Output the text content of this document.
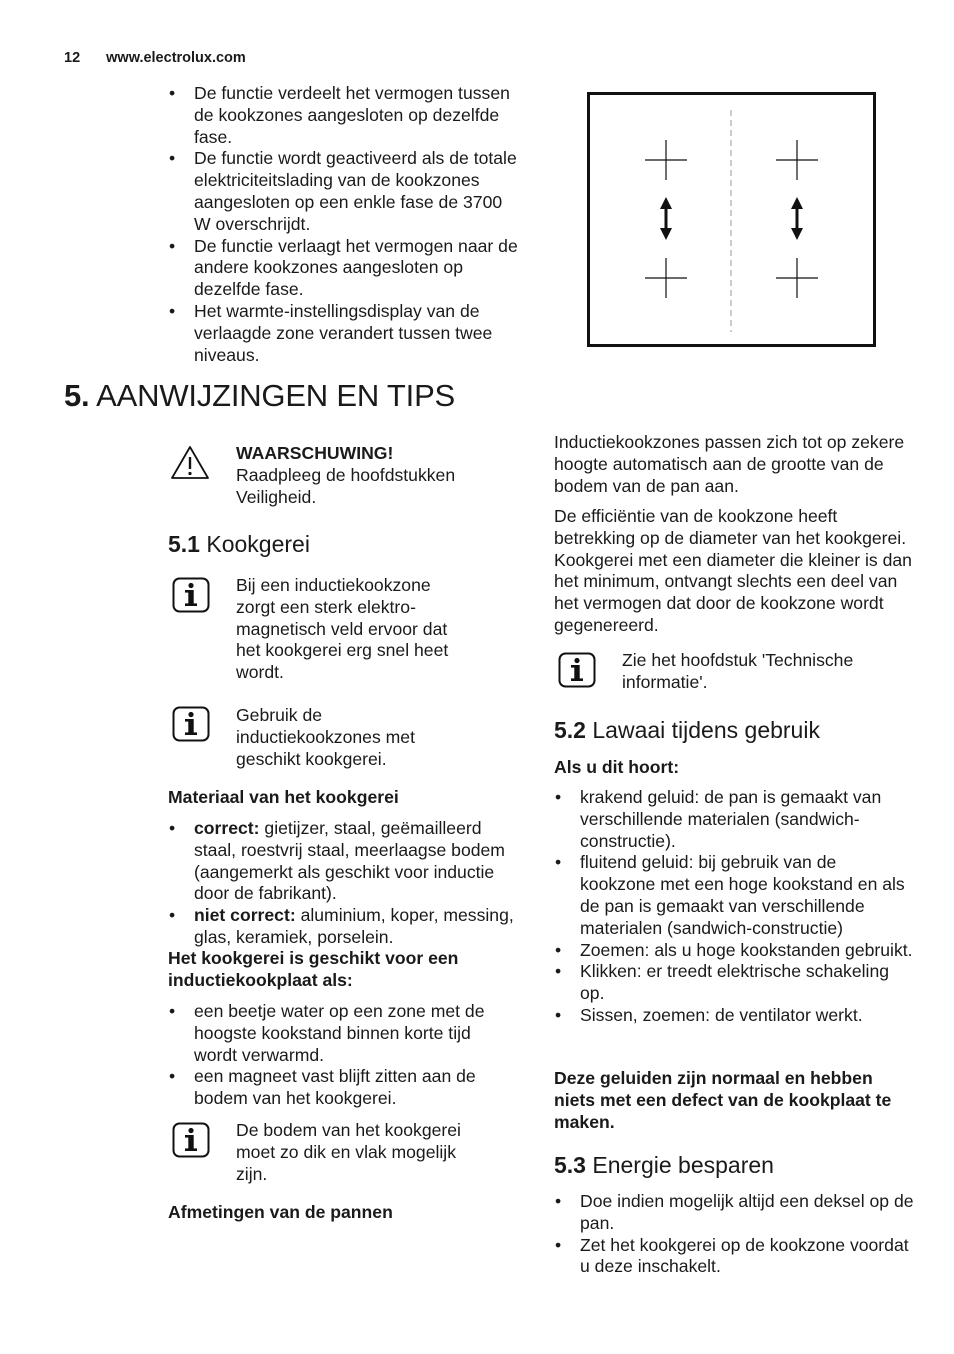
12 www.electrolux.com
• De functie verdeelt het vermogen tussen de kookzones aangesloten op dezelfde fase.
• De functie wordt geactiveerd als de totale elektriciteitslading van de kookzones aangesloten op een enkle fase de 3700 W overschrijdt.
• De functie verlaagt het vermogen naar de andere kookzones aangesloten op dezelfde fase.
• Het warmte-instellingsdisplay van de verlaagde zone verandert tussen twee niveaus.
5. AANWIJZINGEN EN TIPS
WAARSCHUWING!
Raadpleeg de hoofdstukken Veiligheid.
5.1 Kookgerei
Bij een inductiekookzone zorgt een sterk elektro-magnetisch veld ervoor dat het kookgerei erg snel heet wordt.
Gebruik de inductiekookzones met geschikt kookgerei.
Materiaal van het kookgerei
• correct: gietijzer, staal, geëmailleerd staal, roestvrij staal, meerlaagse bodem (aangemerkt als geschikt voor inductie door de fabrikant).
• niet correct: aluminium, koper, messing, glas, keramiek, porselein.
Het kookgerei is geschikt voor een inductiekookplaat als:
• een beetje water op een zone met de hoogste kookstand binnen korte tijd wordt verwarmd.
• een magneet vast blijft zitten aan de bodem van het kookgerei.
De bodem van het kookgerei moet zo dik en vlak mogelijk zijn.
Afmetingen van de pannen
Inductiekookzones passen zich tot op zekere hoogte automatisch aan de grootte van de bodem van de pan aan.
De efficiëntie van de kookzone heeft betrekking op de diameter van het kookgerei. Kookgerei met een diameter die kleiner is dan het minimum, ontvangt slechts een deel van het vermogen dat door de kookzone wordt gegenereerd.
Zie het hoofdstuk 'Technische informatie'.
5.2 Lawaai tijdens gebruik
Als u dit hoort:
• krakend geluid: de pan is gemaakt van verschillende materialen (sandwich-constructie).
• fluitend geluid: bij gebruik van de kookzone met een hoge kookstand en als de pan is gemaakt van verschillende materialen (sandwich-constructie)
• Zoemen: als u hoge kookstanden gebruikt.
• Klikken: er treedt elektrische schakeling op.
• Sissen, zoemen: de ventilator werkt.
Deze geluiden zijn normaal en hebben niets met een defect van de kookplaat te maken.
5.3 Energie besparen
• Doe indien mogelijk altijd een deksel op de pan.
• Zet het kookgerei op de kookzone voordat u deze inschakelt.
